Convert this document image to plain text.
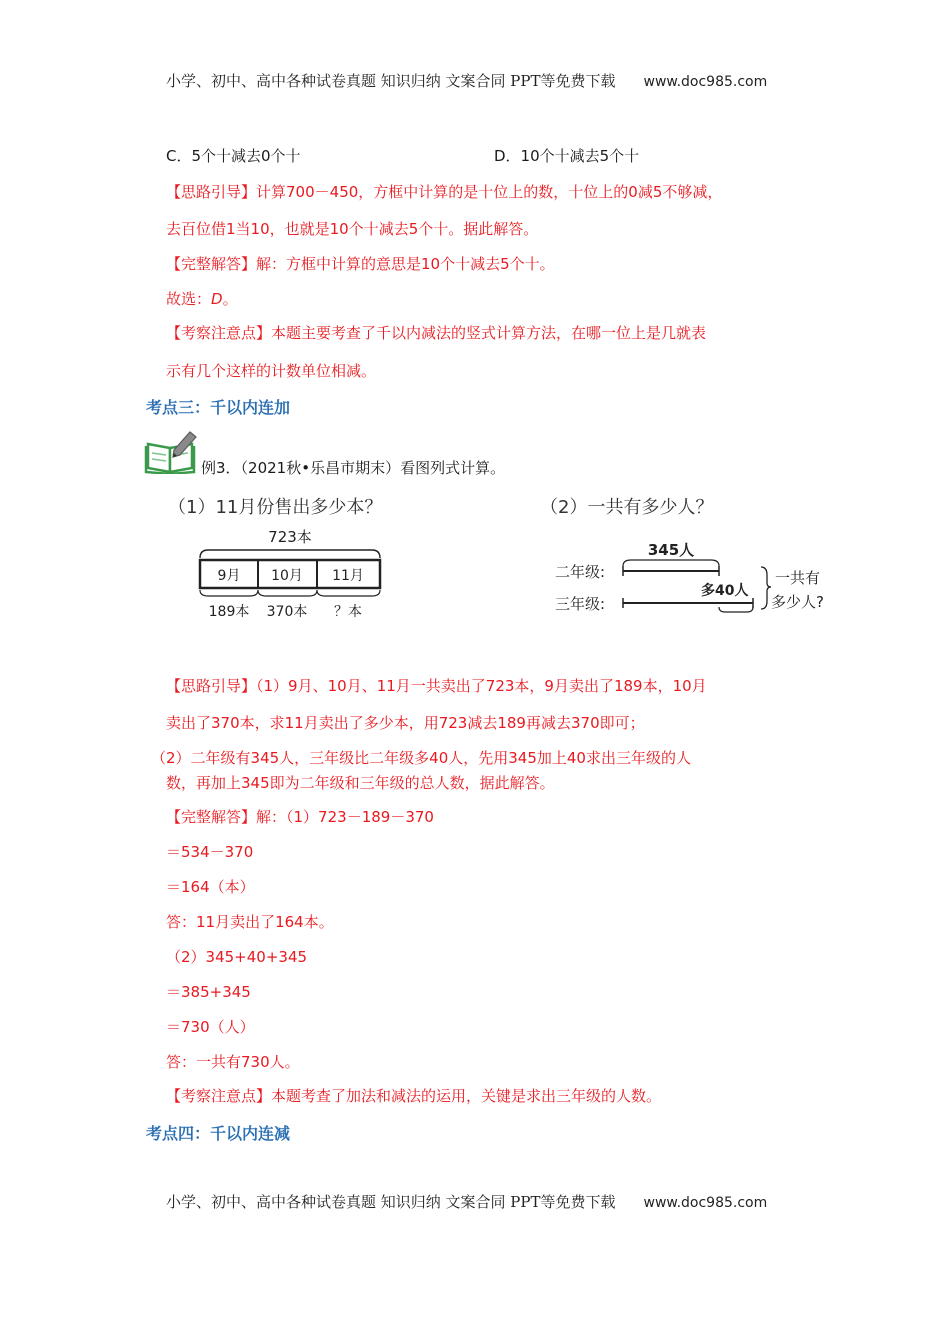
小学、初中、高中各种试卷真题 知识归纳 文案合同 PPT等免费下载 www.doc985.com
C．5个十减去0个十	D．10个十减去5个十
【思路引导】计算700－450，方框中计算的是十位上的数，十位上的0减5不够减，
去百位借1当10，也就是10个十减去5个十。据此解答。
【完整解答】解：方框中计算的意思是10个十减去5个十。
故选：D。
【考察注意点】本题主要考查了千以内减法的竖式计算方法，在哪一位上是几就表
示有几个这样的计数单位相减。
考点三：千以内连加
例3．（2021秋•乐昌市期末）看图列式计算。
（1）11月份售出多少本？	（2）一共有多少人？
723本
9月 10月 11月
189本 370本 ？本
345人
二年级:
多40人
三年级:
一共有
多少人?
【思路引导】（1）9月、10月、11月一共卖出了723本，9月卖出了189本，10月
卖出了370本，求11月卖出了多少本，用723减去189再减去370即可；
（2）二年级有345人，三年级比二年级多40人，先用345加上40求出三年级的人
数，再加上345即为二年级和三年级的总人数，据此解答。
【完整解答】解：（1）723－189－370
＝534－370
＝164（本）
答：11月卖出了164本。
（2）345+40+345
＝385+345
＝730（人）
答：一共有730人。
【考察注意点】本题考查了加法和减法的运用，关键是求出三年级的人数。
考点四：千以内连减
小学、初中、高中各种试卷真题 知识归纳 文案合同 PPT等免费下载 www.doc985.com
